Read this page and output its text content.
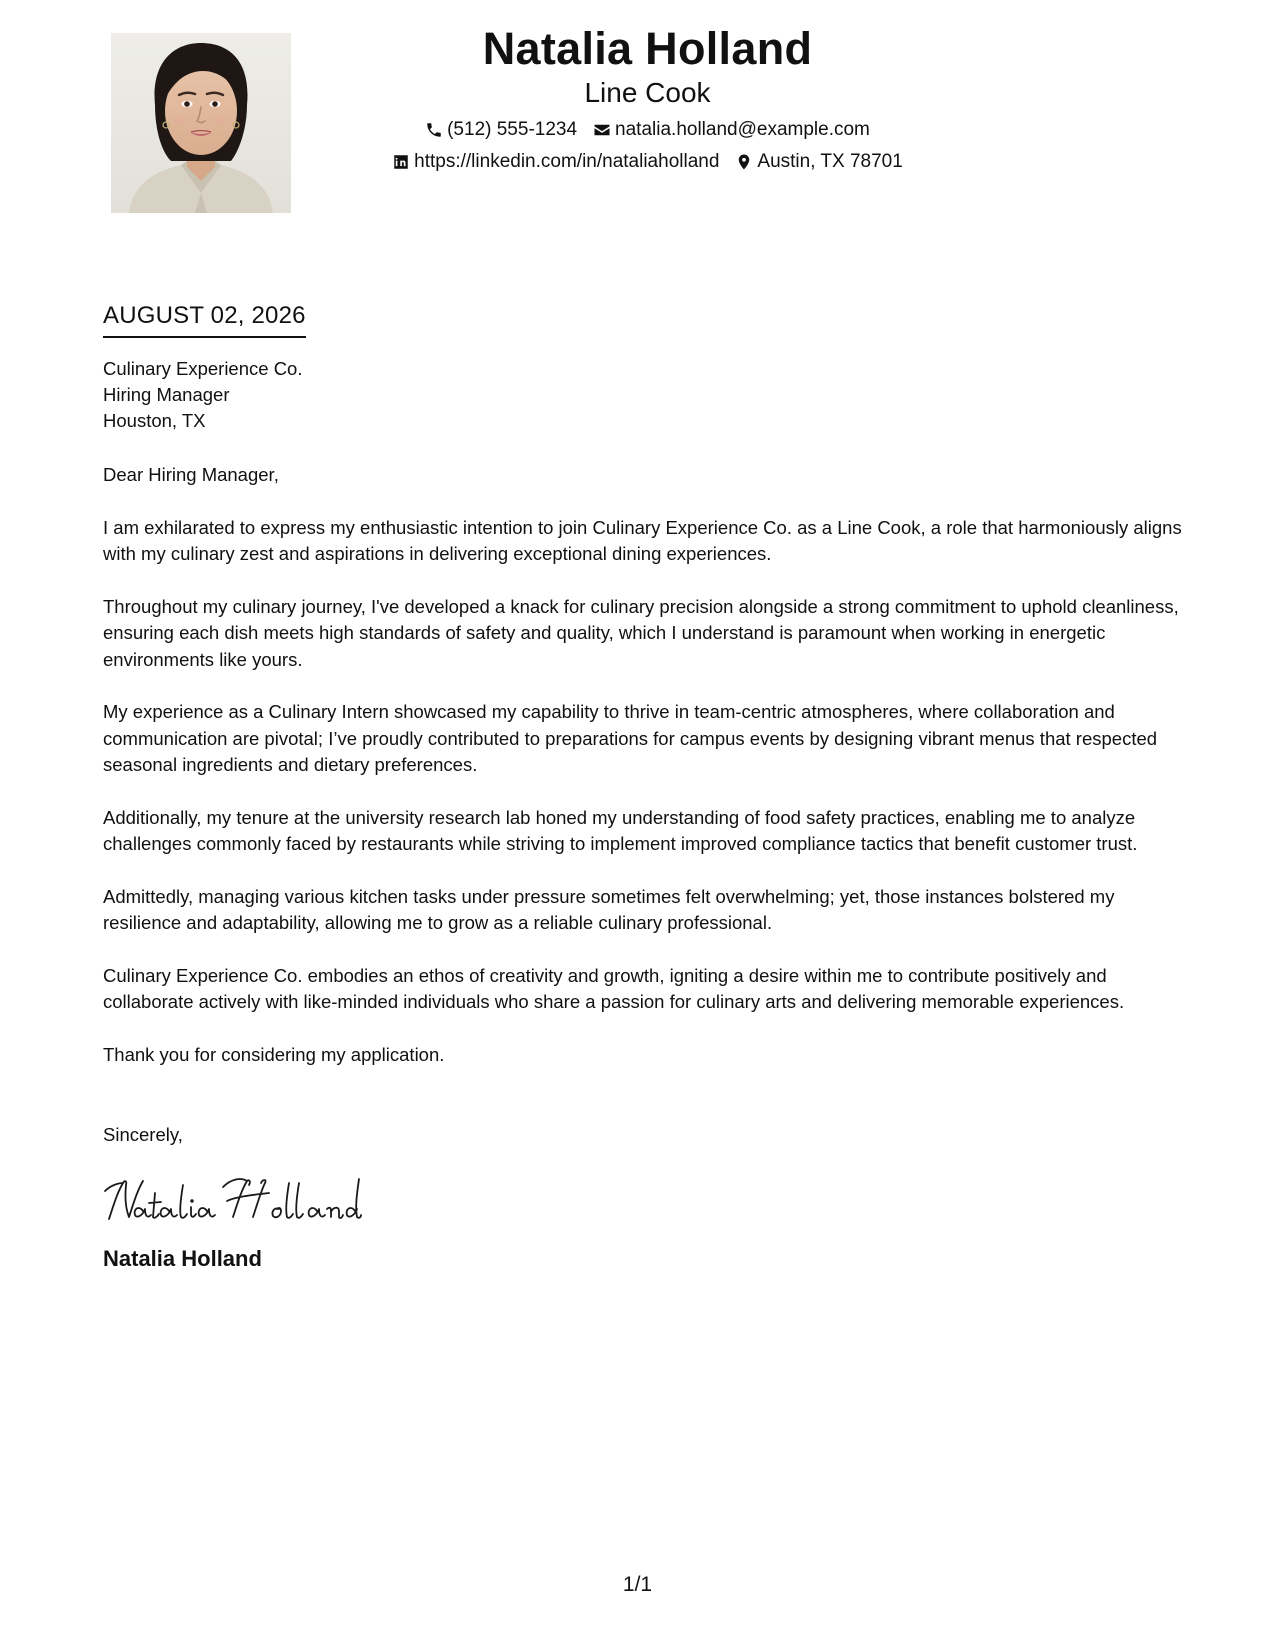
Natalia Holland
Line Cook
(512) 555-1234 natalia.holland@example.com
https://linkedin.com/in/nataliaholland Austin, TX 78701
AUGUST 02, 2026
Culinary Experience Co.
Hiring Manager
Houston, TX
Dear Hiring Manager,

I am exhilarated to express my enthusiastic intention to join Culinary Experience Co. as a Line Cook, a role that harmoniously aligns with my culinary zest and aspirations in delivering exceptional dining experiences.

Throughout my culinary journey, I've developed a knack for culinary precision alongside a strong commitment to uphold cleanliness, ensuring each dish meets high standards of safety and quality, which I understand is paramount when working in energetic environments like yours.

My experience as a Culinary Intern showcased my capability to thrive in team-centric atmospheres, where collaboration and communication are pivotal; I’ve proudly contributed to preparations for campus events by designing vibrant menus that respected seasonal ingredients and dietary preferences.

Additionally, my tenure at the university research lab honed my understanding of food safety practices, enabling me to analyze challenges commonly faced by restaurants while striving to implement improved compliance tactics that benefit customer trust.

Admittedly, managing various kitchen tasks under pressure sometimes felt overwhelming; yet, those instances bolstered my resilience and adaptability, allowing me to grow as a reliable culinary professional.

Culinary Experience Co. embodies an ethos of creativity and growth, igniting a desire within me to contribute positively and collaborate actively with like-minded individuals who share a passion for culinary arts and delivering memorable experiences.

Thank you for considering my application.

Sincerely,
Natalia Holland
1/1
